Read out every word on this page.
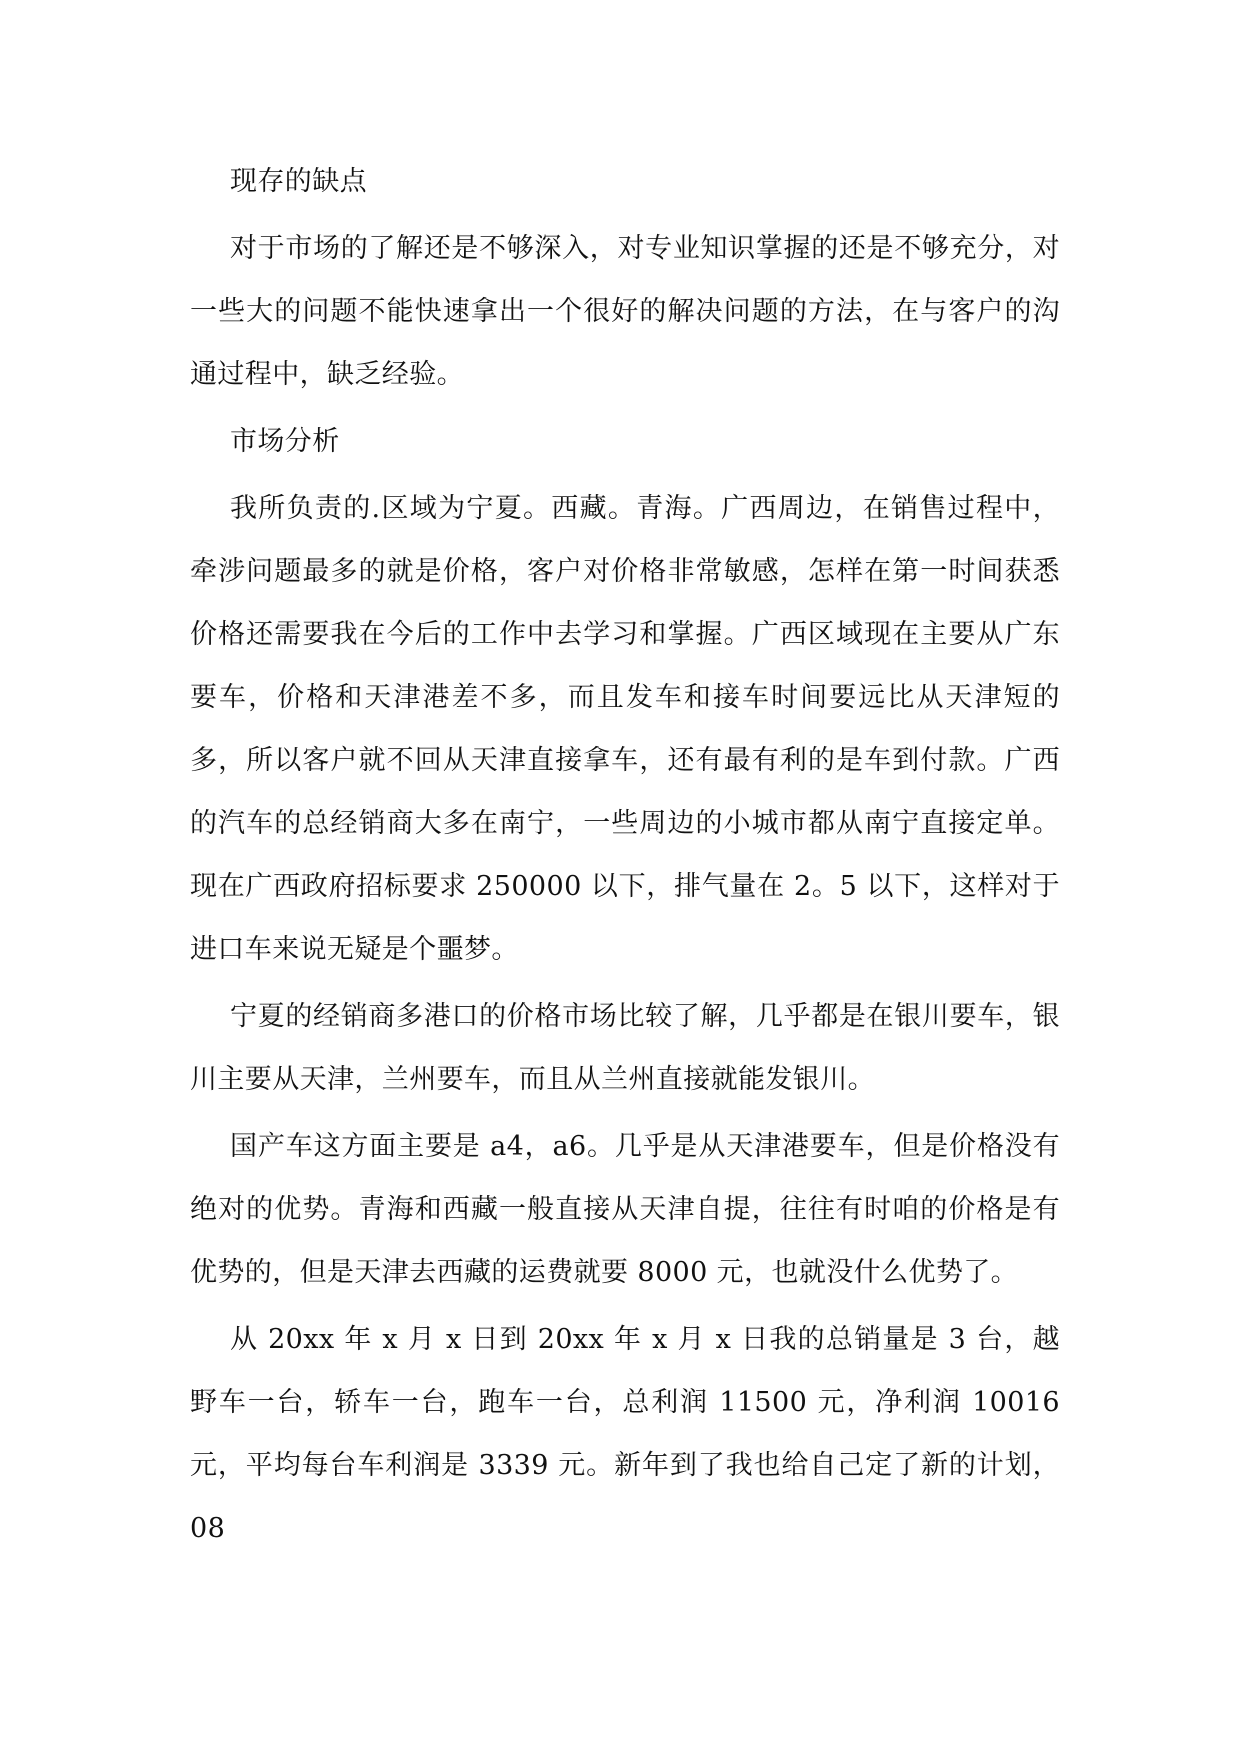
现存的缺点

对于市场的了解还是不够深入，对专业知识掌握的还是不够充分，对一些大的问题不能快速拿出一个很好的解决问题的方法，在与客户的沟通过程中，缺乏经验。

市场分析

我所负责的.区域为宁夏。西藏。青海。广西周边，在销售过程中，牵涉问题最多的就是价格，客户对价格非常敏感，怎样在第一时间获悉价格还需要我在今后的工作中去学习和掌握。广西区域现在主要从广东要车，价格和天津港差不多，而且发车和接车时间要远比从天津短的多，所以客户就不回从天津直接拿车，还有最有利的是车到付款。广西的汽车的总经销商大多在南宁，一些周边的小城市都从南宁直接定单。现在广西政府招标要求 250000 以下，排气量在 2。5 以下，这样对于进口车来说无疑是个噩梦。

宁夏的经销商多港口的价格市场比较了解，几乎都是在银川要车，银川主要从天津，兰州要车，而且从兰州直接就能发银川。

国产车这方面主要是 a4，a6。几乎是从天津港要车，但是价格没有绝对的优势。青海和西藏一般直接从天津自提，往往有时咱的价格是有优势的，但是天津去西藏的运费就要 8000 元，也就没什么优势了。

从 20xx 年 x 月 x 日到 20xx 年 x 月 x 日我的总销量是 3 台，越野车一台，轿车一台，跑车一台，总利润 11500 元，净利润 10016 元，平均每台车利润是 3339 元。新年到了我也给自己定了新的计划，08
